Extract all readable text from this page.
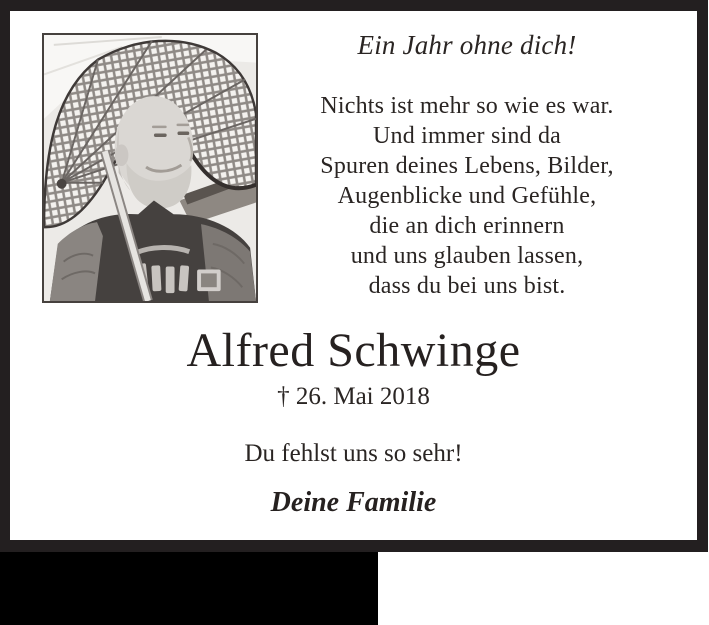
Ein Jahr ohne dich!
Nichts ist mehr so wie es war.
Und immer sind da
Spuren deines Lebens, Bilder,
Augenblicke und Gefühle,
die an dich erinnern
und uns glauben lassen,
dass du bei uns bist.
Alfred Schwinge
† 26. Mai 2018
Du fehlst uns so sehr!
Deine Familie
